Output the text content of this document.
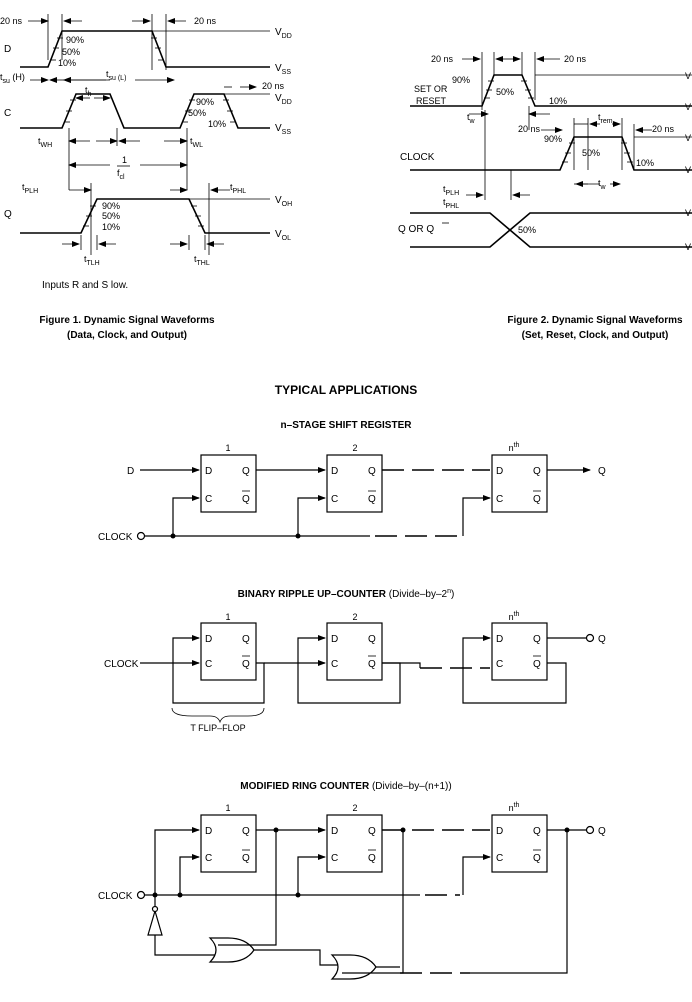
20 ns	20 ns
D
90%
50%
10%
$V_{DD}$
$V_{SS}$
$t_{su}$ (H)	$t_{su (L)}$
C
$t_h$
20 ns
$V_{DD}$
90%
50%
10%	$V_{SS}$
$t_{WH}$	$t_{WL}$
1
$f_{cl}$
$t_{PLH}$	$t_{PHL}$
Q
90%
50%
10%
$V_{OH}$
$V_{OL}$
$t_{TLH}$	$t_{THL}$
Inputs R and S low.
Figure 1. Dynamic Signal Waveforms
(Data, Clock, and Output)
20 ns	20 ns
SET OR
RESET
90%
50%
10%
V
V
$t_w$
20 ns
$t_{rem}$
20 ns
90%
50%
10%
CLOCK
V
V
$t_w$
$t_{PLH}$
$t_{PHL}$
Q OR Q	50%
V
V
Figure 2. Dynamic Signal Waveforms
(Set, Reset, Clock, and Output)
TYPICAL APPLICATIONS
n–STAGE SHIFT REGISTER
1	2	$n^{th}$
D	Q
CLOCK
BINARY RIPPLE UP–COUNTER (Divide–by–2$^n$)
1	2	$n^{th}$
CLOCK
Q
T FLIP–FLOP
MODIFIED RING COUNTER (Divide–by–(n+1))
1	2	$n^{th}$
Q
CLOCK
D	Q
C	Q
D	Q
C	Q
D	Q
C	Q
D	Q
C	Q
D	Q
C	Q
D	Q
C	Q
D	Q
C	Q
D	Q
C	Q
D	Q
C	Q
